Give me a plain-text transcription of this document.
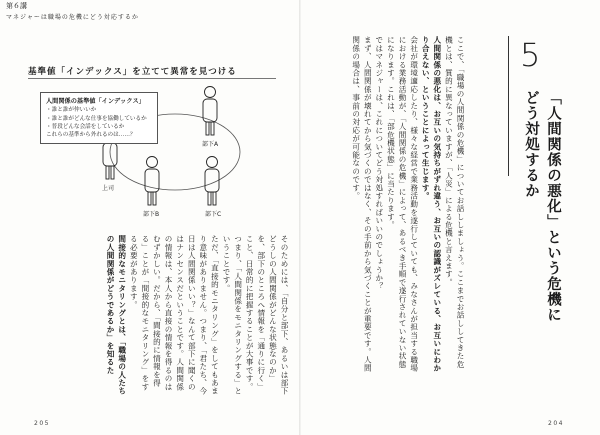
第６講
マネジャーは職場の危機にどう対応するか
基準値「インデックス」を立てて異常を見つける
上司
部下A
部下B	部下C
人間関係の基準値「インデックス」
・誰と誰が仲いいか
・誰と誰がどんな仕事を協働しているか
・普段どんな会話をしているか
これらの基準から外れるのは……？

そのためには、「自分と部下、あるいは部下どうしの人間関係がどんな状態なのか」を、部下のところへ情報を「通りに行く」こと、日常的に把握することが大事です。つまり、「人間関係をモニタリングする」ということです。

ただ、「直接的モニタリング」をしてもあまり意味がありません。つまり、「君たち、今日は人間関係いい？」なんて部下に聞くのはナンセンスだということです。人間関係の情報は、本人から直接の情報を得るのはむずかしい。だから、「間接的に情報を得る」ことが「間接的なモニタリング」をする必要があります。

間接的なモニタリングとは、「職場の人たちの人間関係がどうであるか」を知るた

5
「人間関係の悪化」という危機に
どう対処するか

ここで、「職場の人間関係の危機」についてお話ししましょう。ここまでお話ししてきた危機とは、質的に異なっていますが、「人災」による危機と言えます。

人間関係の悪化は、お互いの気持ちがずれ違う、お互いの認識がズレている、お互いにわかり合えない、ということによって生じます。

会社が環境適応したり、様々な経営で業務活動を遂行していても、みなさんが担当する職場における業務活動が、「人間関係の危機」によって、あるべき手順で遂行されていない状態になります。これは、「部危機状態」に当たります。

ではマネジャーは、これについてどう対処すればいいのでしょうか？

まず、人間関係が壊れてから気づくのではなく、その手前から気づくことが重要です。人間関係の場合は、事前の対応が可能なのです。

205	204
